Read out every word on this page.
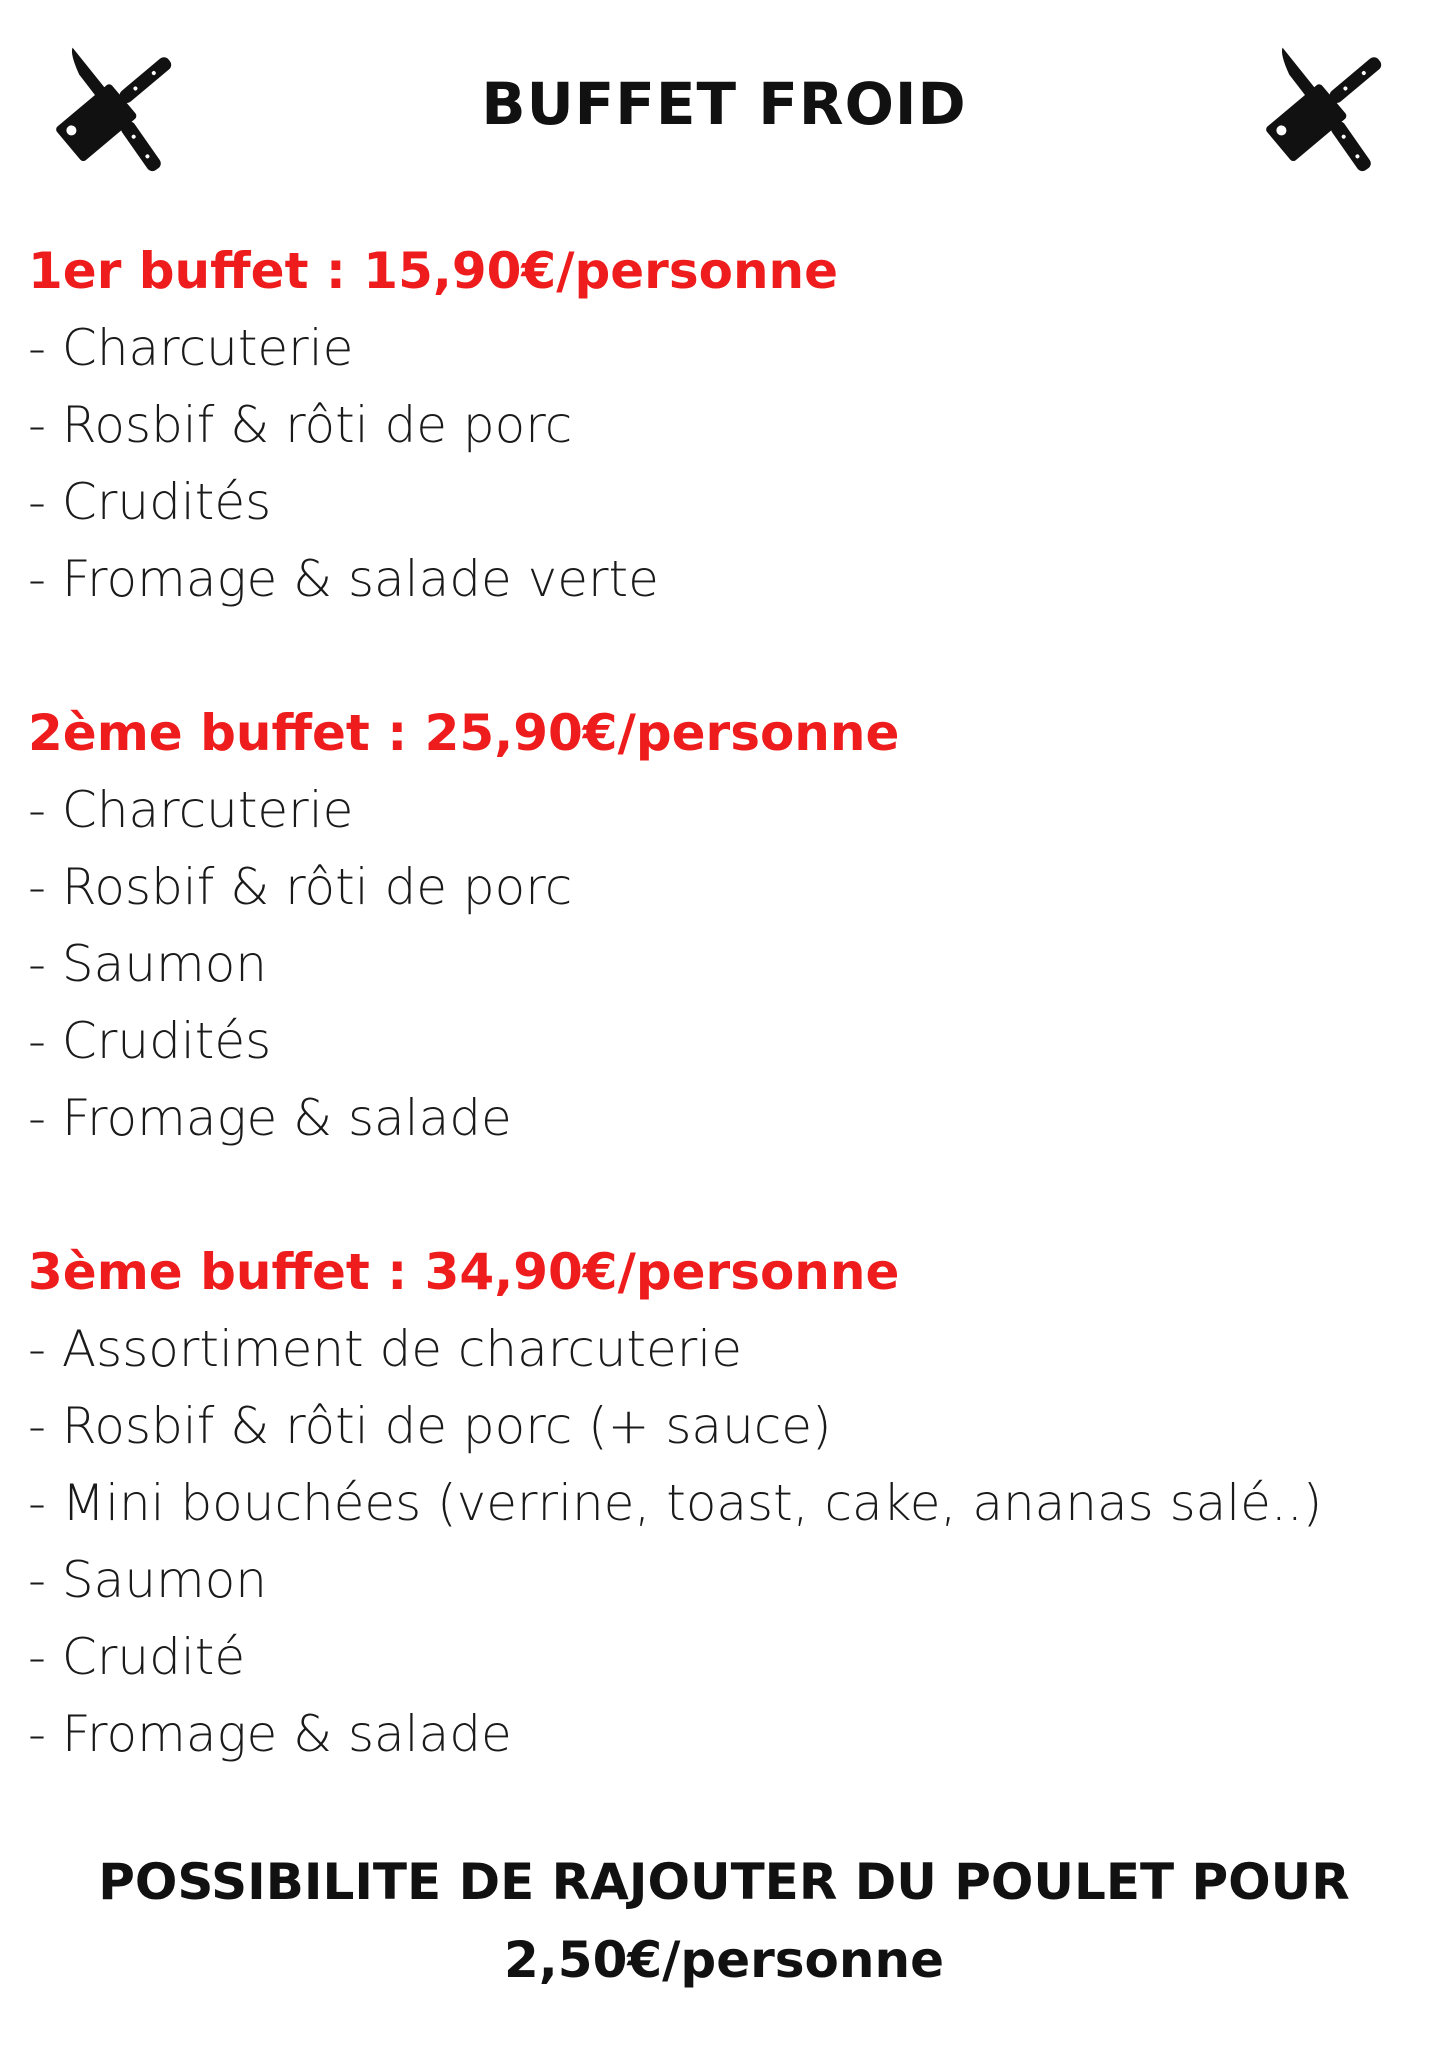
BUFFET FROID
1er buffet : 15,90€/personne
- Charcuterie
- Rosbif & rôti de porc
- Crudités
- Fromage & salade verte
2ème buffet : 25,90€/personne
- Charcuterie
- Rosbif & rôti de porc
- Saumon
- Crudités
- Fromage & salade
3ème buffet : 34,90€/personne
- Assortiment de charcuterie
- Rosbif & rôti de porc (+ sauce)
- Mini bouchées (verrine, toast, cake, ananas salé..)
- Saumon
- Crudité
- Fromage & salade
POSSIBILITE DE RAJOUTER DU POULET POUR
2,50€/personne
